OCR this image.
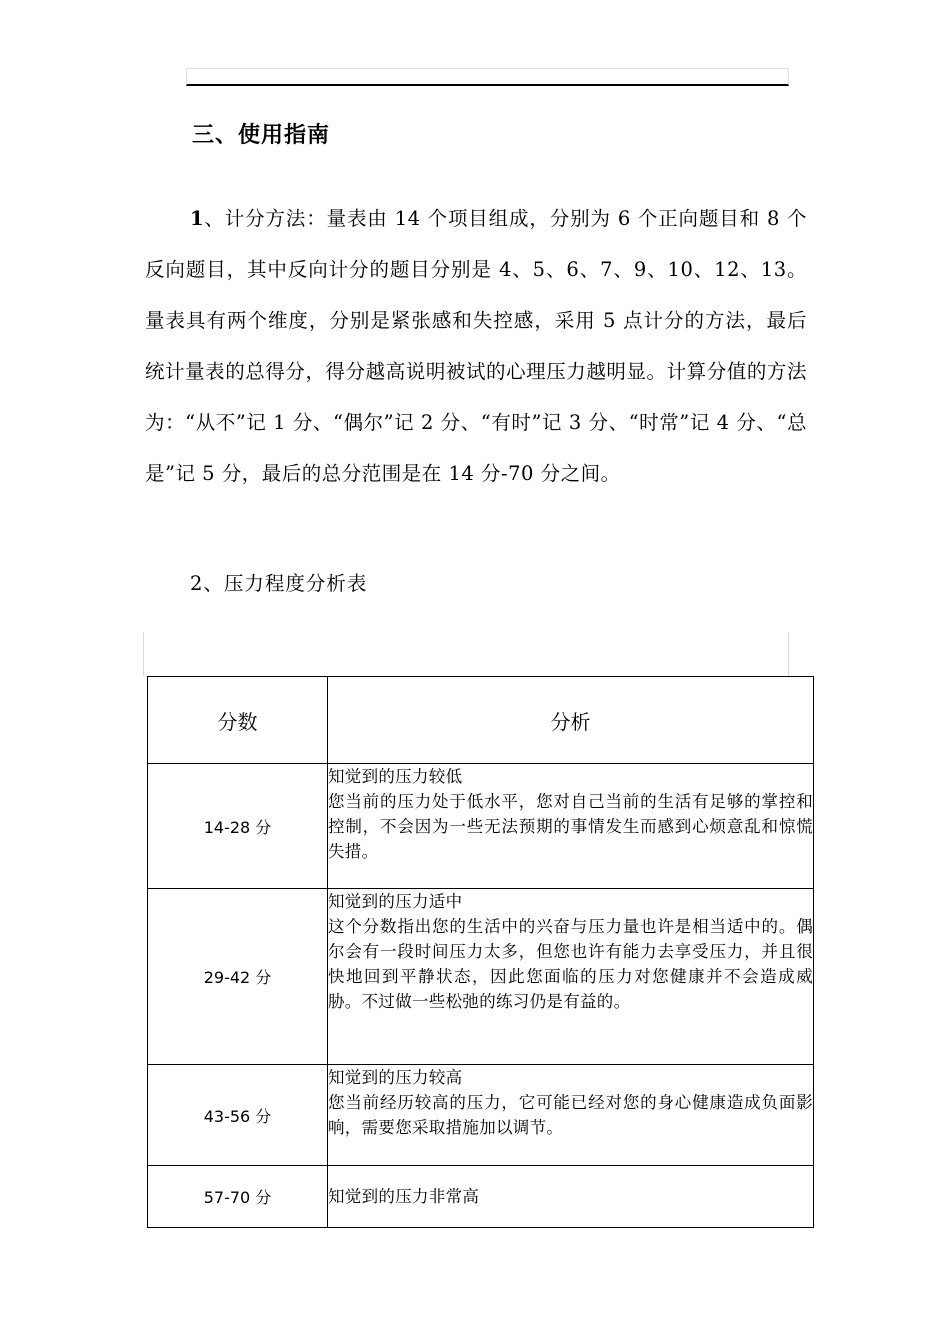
三、使用指南
1、计分方法：量表由 14 个项目组成，分别为 6 个正向题目和 8 个反向题目，其中反向计分的题目分别是 4、5、6、7、9、10、12、13。量表具有两个维度，分别是紧张感和失控感，采用 5 点计分的方法，最后统计量表的总得分，得分越高说明被试的心理压力越明显。计算分值的方法为：“从不”记 1 分、“偶尔”记 2 分、“有时”记 3 分、“时常”记 4 分、“总是”记 5 分，最后的总分范围是在 14 分-70 分之间。
2、压力程度分析表
分数	分析
14-28 分	知觉到的压力较低
您当前的压力处于低水平，您对自己当前的生活有足够的掌控和控制，不会因为一些无法预期的事情发生而感到心烦意乱和惊慌失措。

29-42 分	知觉到的压力适中
这个分数指出您的生活中的兴奋与压力量也许是相当适中的。偶尔会有一段时间压力太多，但您也许有能力去享受压力，并且很快地回到平静状态，因此您面临的压力对您健康并不会造成威胁。不过做一些松弛的练习仍是有益的。

43-56 分	知觉到的压力较高
您当前经历较高的压力，它可能已经对您的身心健康造成负面影响，需要您采取措施加以调节。

57-70 分	知觉到的压力非常高
